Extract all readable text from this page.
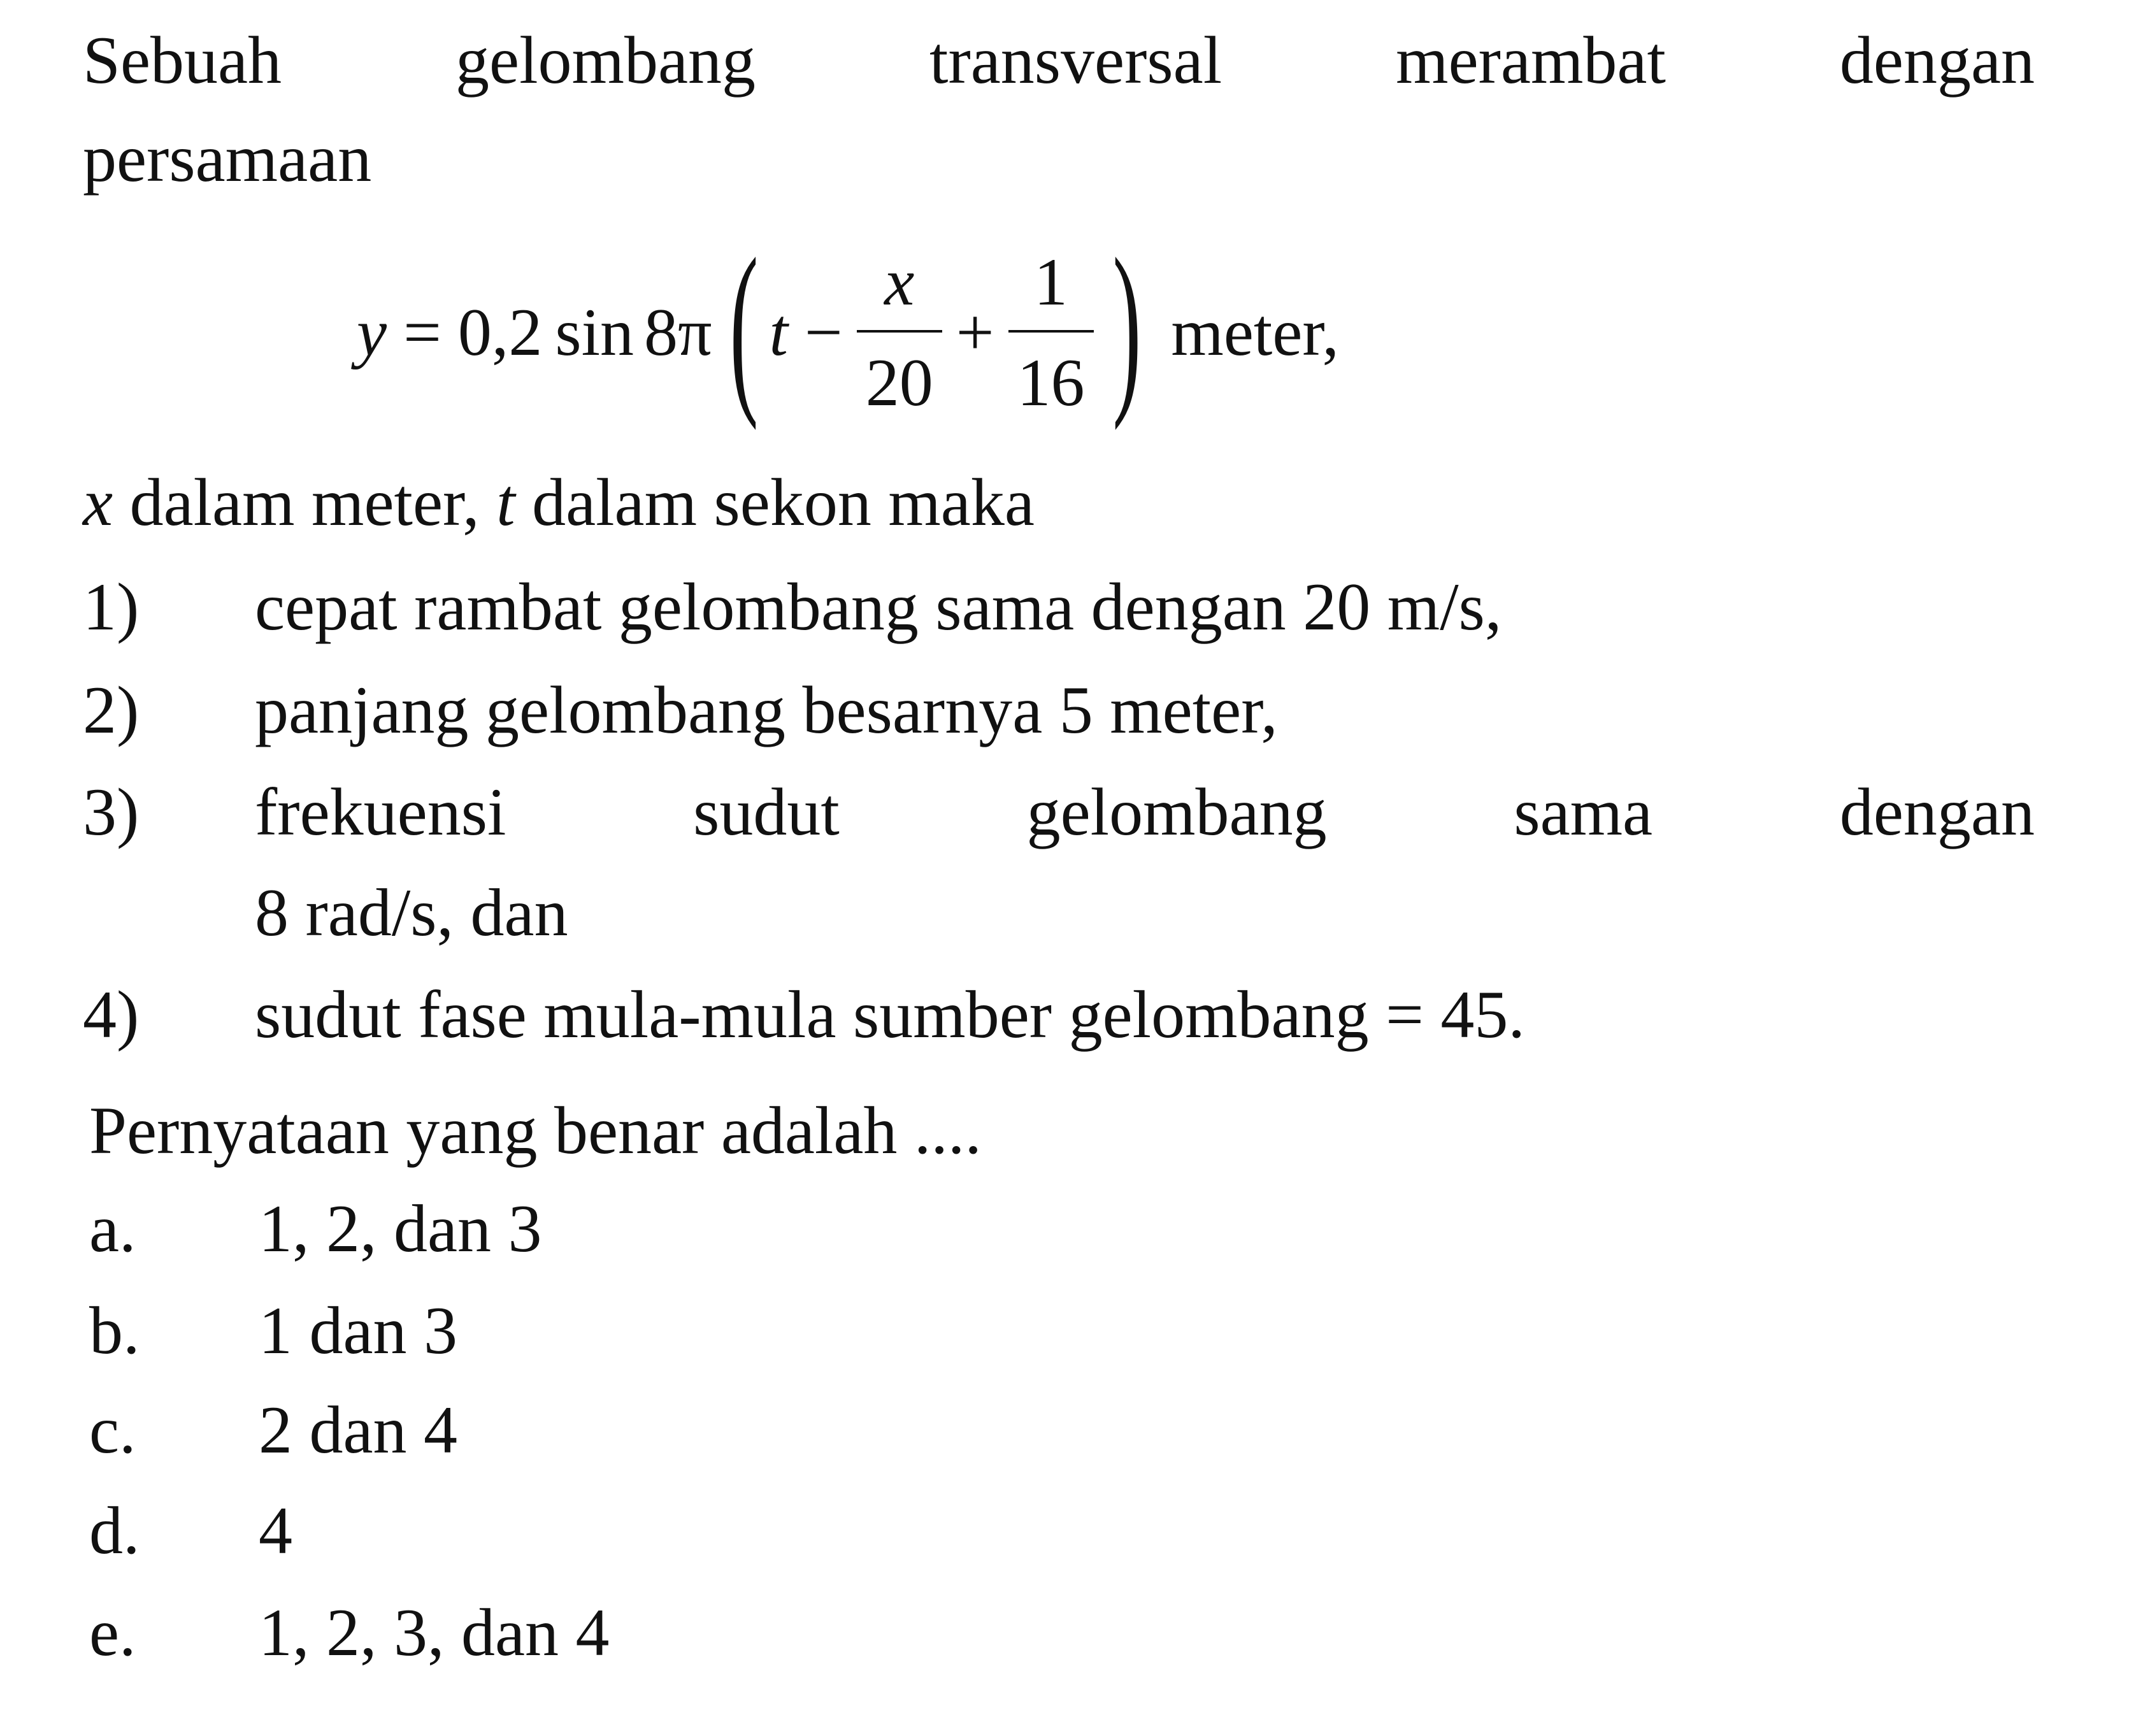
Sebuah	gelombang	transversal	merambat	dengan
persamaan
y = 0,2 sin 8π ( $t - \frac{x}{20} + \frac{1}{16}$ ) meter,
x dalam meter, t dalam sekon maka
1) cepat rambat gelombang sama dengan 20 m/s,
2) panjang gelombang besarnya 5 meter,
3) frekuensi	sudut	gelombang	sama	dengan
8 rad/s, dan
4) sudut fase mula-mula sumber gelombang = 45.
Pernyataan yang benar adalah ....
a. 1, 2, dan 3
b. 1 dan 3
c. 2 dan 4
d. 4
e. 1, 2, 3, dan 4
